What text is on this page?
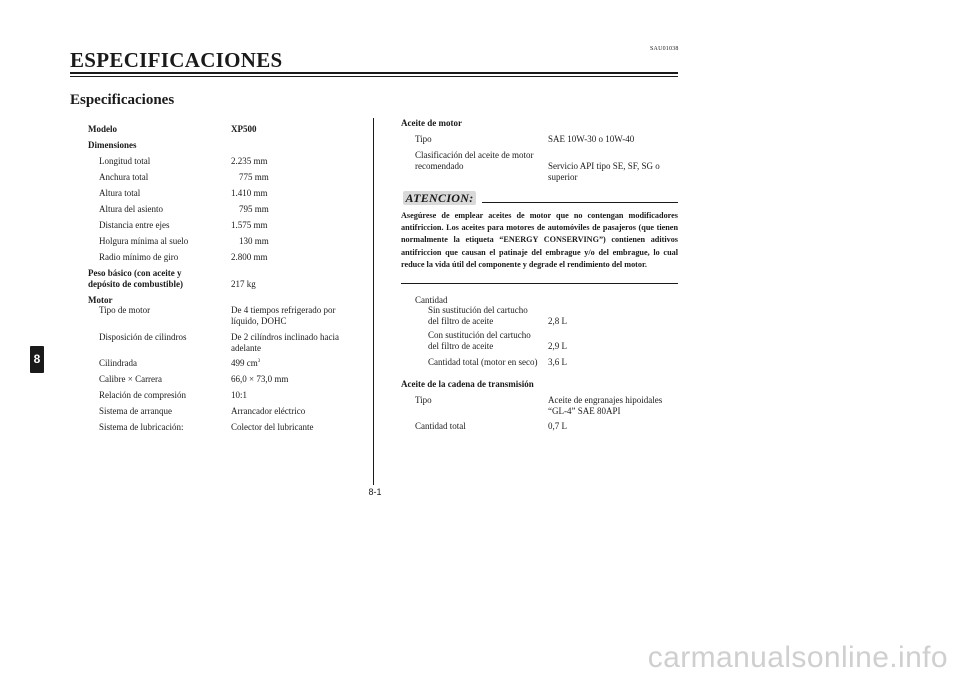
SAU01038
ESPECIFICACIONES
Especificaciones
8
Modelo	XP500
Dimensiones
Longitud total	2.235 mm
Anchura total	775 mm
Altura total	1.410 mm
Altura del asiento	795 mm
Distancia entre ejes	1.575 mm
Holgura mínima al suelo	130 mm
Radio mínimo de giro	2.800 mm
Peso básico (con aceite y
depósito de combustible)	217 kg
Motor
Tipo de motor	De 4 tiempos refrigerado por
líquido, DOHC
Disposición de cilindros	De 2 cilíndros inclinado hacia
adelante
Cilindrada	499 $cm^3$
Calibre × Carrera	66,0 × 73,0 mm
Relación de compresión	10:1
Sistema de arranque	Arrancador eléctrico
Sistema de lubricación:	Colector del lubricante
Aceite de motor
Tipo	SAE 10W-30 o 10W-40
Clasificación del aceite de motor
recomendado	Servicio API tipo SE, SF, SG o
superior
ATENCION:
Asegúrese de emplear aceites de motor que no contengan modificadores antifriccion. Los aceites para motores de automóviles de pasajeros (que tienen normalmente la etiqueta “ENERGY CONSERVING”) contienen aditivos antifriccion que causan el patinaje del embrague y/o del embrague, lo cual reduce la vida útil del componente y degrade el rendimiento del motor.
Cantidad
Sin sustitución del cartucho
del filtro de aceite	2,8 L
Con sustitución del cartucho
del filtro de aceite	2,9 L
Cantidad total (motor en seco) 3,6 L
Aceite de la cadena de transmisión
Tipo	Aceite de engranajes hipoidales
“GL-4” SAE 80API
Cantidad total	0,7 L
8-1
carmanualsonline.info
